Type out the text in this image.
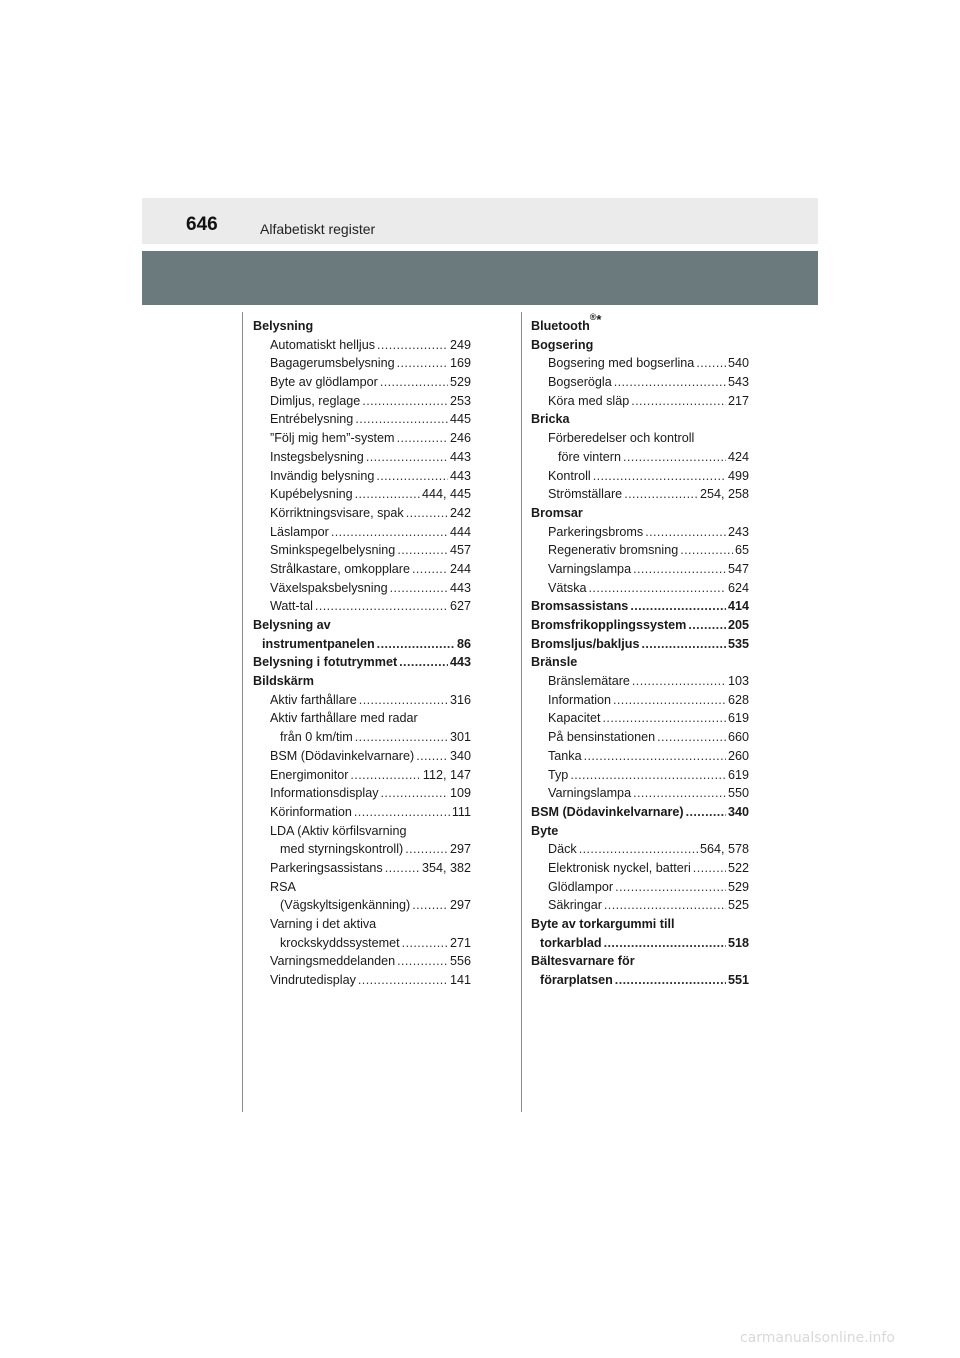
646	Alfabetiskt register
Belysning
Automatiskt helljus .....	249
Bagagerumsbelysning .....	169
Byte av glödlampor .....	529
Dimljus, reglage .....	253
Entrébelysning .....	445
”Följ mig hem”-system .....	246
Instegsbelysning .....	443
Invändig belysning .....	443
Kupébelysning .....	444, 445
Körriktningsvisare, spak .....	242
Läslampor .....	444
Sminkspegelbelysning .....	457
Strålkastare, omkopplare .....	244
Växelspaksbelysning .....	443
Watt-tal .....	627
Belysning av
instrumentpanelen .....	86
Belysning i fotutrymmet .....	443
Bildskärm
Aktiv farthållare .....	316
Aktiv farthållare med radar
från 0 km/tim .....	301
BSM (Dödavinkelvarnare) .....	340
Energimonitor .....	112, 147
Informationsdisplay .....	109
Körinformation .....	111
LDA (Aktiv körfilsvarning
med styrningskontroll) .....	297
Parkeringsassistans .....	354, 382
RSA
(Vägskyltsigenkänning) .....	297
Varning i det aktiva
krockskyddssystemet .....	271
Varningsmeddelanden .....	556
Vindrutedisplay .....	141
Bluetooth
® *
Bogsering
Bogsering med bogserlina .....	540
Bogserögla .....	543
Köra med släp .....	217
Bricka
Förberedelser och kontroll
före vintern .....	424
Kontroll .....	499
Strömställare .....	254, 258
Bromsar
Parkeringsbroms .....	243
Regenerativ bromsning .....	65
Varningslampa .....	547
Vätska .....	624
Bromsassistans .....	414
Bromsfrikopplingssystem .....	205
Bromsljus/bakljus .....	535
Bränsle
Bränslemätare .....	103
Information .....	628
Kapacitet .....	619
På bensinstationen .....	660
Tanka .....	260
Typ .....	619
Varningslampa .....	550
BSM (Dödavinkelvarnare) .....	340
Byte
Däck .....	564, 578
Elektronisk nyckel, batteri .....	522
Glödlampor .....	529
Säkringar .....	525
Byte av torkargummi till
torkarblad .....	518
Bältesvarnare för
förarplatsen .....	551
carmanualsonline.info
